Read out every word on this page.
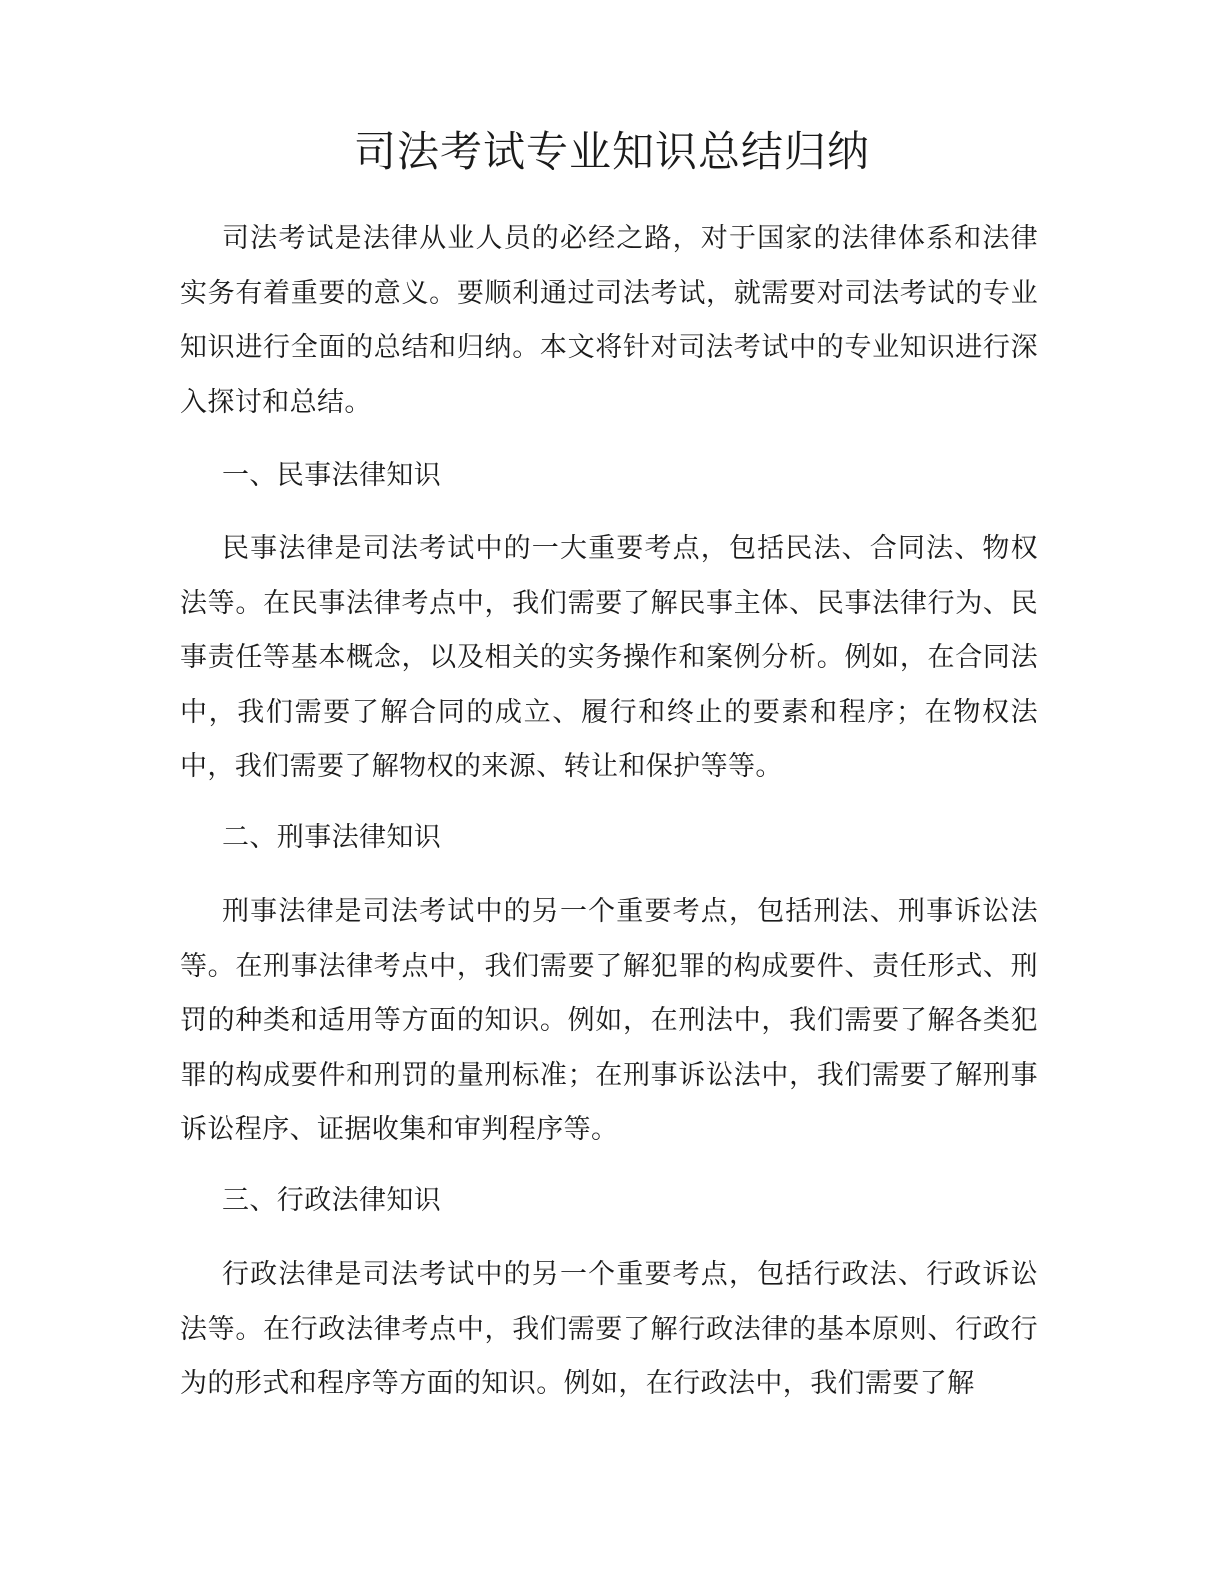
司法考试专业知识总结归纳

司法考试是法律从业人员的必经之路，对于国家的法律体系和法律实务有着重要的意义。要顺利通过司法考试，就需要对司法考试的专业知识进行全面的总结和归纳。本文将针对司法考试中的专业知识进行深入探讨和总结。

一、民事法律知识

民事法律是司法考试中的一大重要考点，包括民法、合同法、物权法等。在民事法律考点中，我们需要了解民事主体、民事法律行为、民事责任等基本概念，以及相关的实务操作和案例分析。例如，在合同法中，我们需要了解合同的成立、履行和终止的要素和程序；在物权法中，我们需要了解物权的来源、转让和保护等等。

二、刑事法律知识

刑事法律是司法考试中的另一个重要考点，包括刑法、刑事诉讼法等。在刑事法律考点中，我们需要了解犯罪的构成要件、责任形式、刑罚的种类和适用等方面的知识。例如，在刑法中，我们需要了解各类犯罪的构成要件和刑罚的量刑标准；在刑事诉讼法中，我们需要了解刑事诉讼程序、证据收集和审判程序等。

三、行政法律知识

行政法律是司法考试中的另一个重要考点，包括行政法、行政诉讼法等。在行政法律考点中，我们需要了解行政法律的基本原则、行政行为的形式和程序等方面的知识。例如，在行政法中，我们需要了解
